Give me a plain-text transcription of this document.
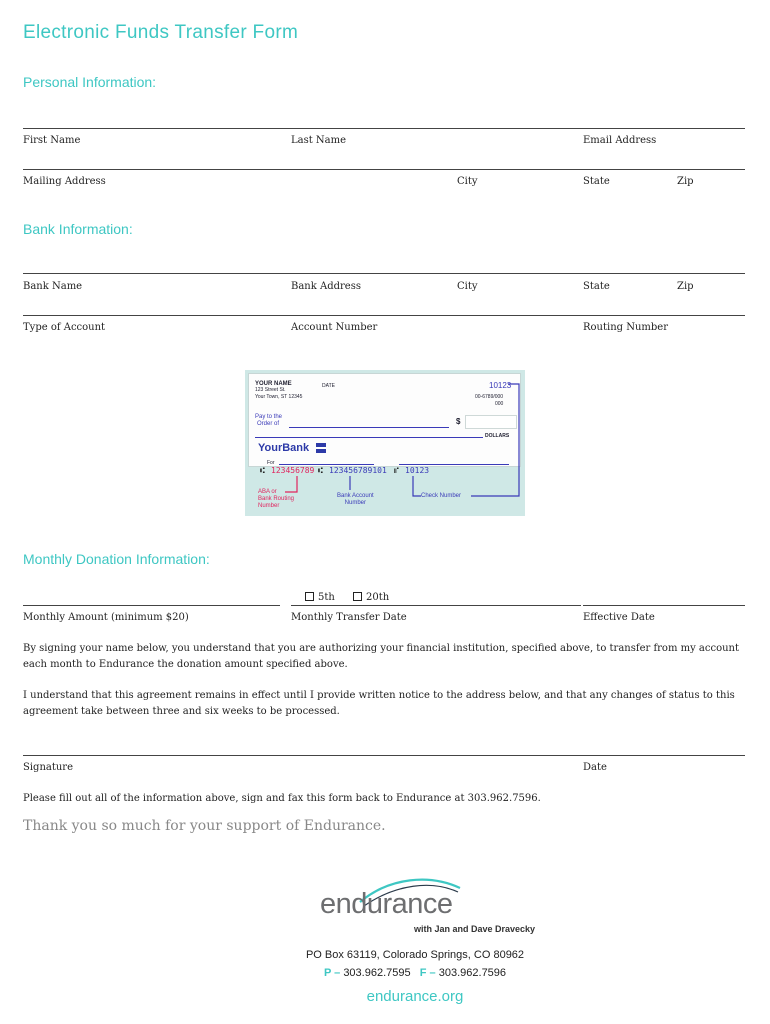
Electronic Funds Transfer Form
Personal Information:
First Name	Last Name	Email Address
Mailing Address	City	State	Zip
Bank Information:
Bank Name	Bank Address	City	State	Zip
Type of Account	Account Number	Routing Number
YOUR NAME
123 Street St.
Your Town, ST 12345
DATE	10123
00-6789/000
000
Pay to the
Order of	$
DOLLARS
YourBank
For
⑆ 123456789 ⑆ 123456789101 ⑈ 10123
ABA or
Bank Routing
Number
Bank Account
Number
Check Number
Monthly Donation Information:
5th	20th
Monthly Amount (minimum $20)	Monthly Transfer Date	Effective Date
By signing your name below, you understand that you are authorizing your financial institution, specified above, to transfer from my account each month to Endurance the donation amount specified above.
I understand that this agreement remains in effect until I provide written notice to the address below, and that any changes of status to this agreement take between three and six weeks to be processed.
Signature	Date
Please fill out all of the information above, sign and fax this form back to Endurance at 303.962.7596.
Thank you so much for your support of Endurance.
endurance
with Jan and Dave Dravecky
PO Box 63119, Colorado Springs, CO 80962
P – 303.962.7595 F – 303.962.7596
endurance.org
